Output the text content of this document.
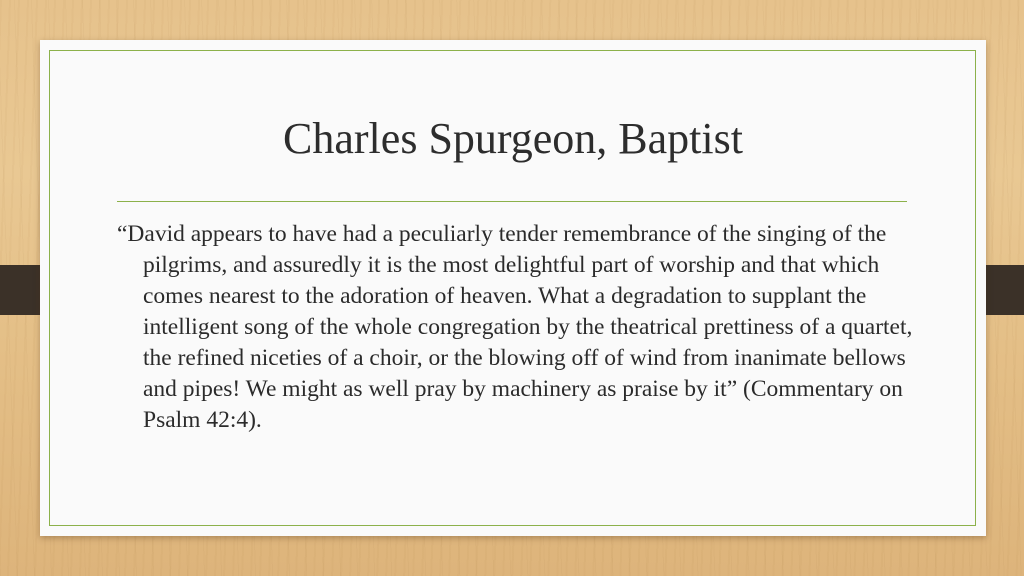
Charles Spurgeon, Baptist

“David appears to have had a peculiarly tender remembrance of the singing of the pilgrims, and assuredly it is the most delightful part of worship and that which comes nearest to the adoration of heaven. What a degradation to supplant the intelligent song of the whole congregation by the theatrical prettiness of a quartet, the refined niceties of a choir, or the blowing off of wind from inanimate bellows and pipes! We might as well pray by machinery as praise by it” (Commentary on Psalm 42:4).
